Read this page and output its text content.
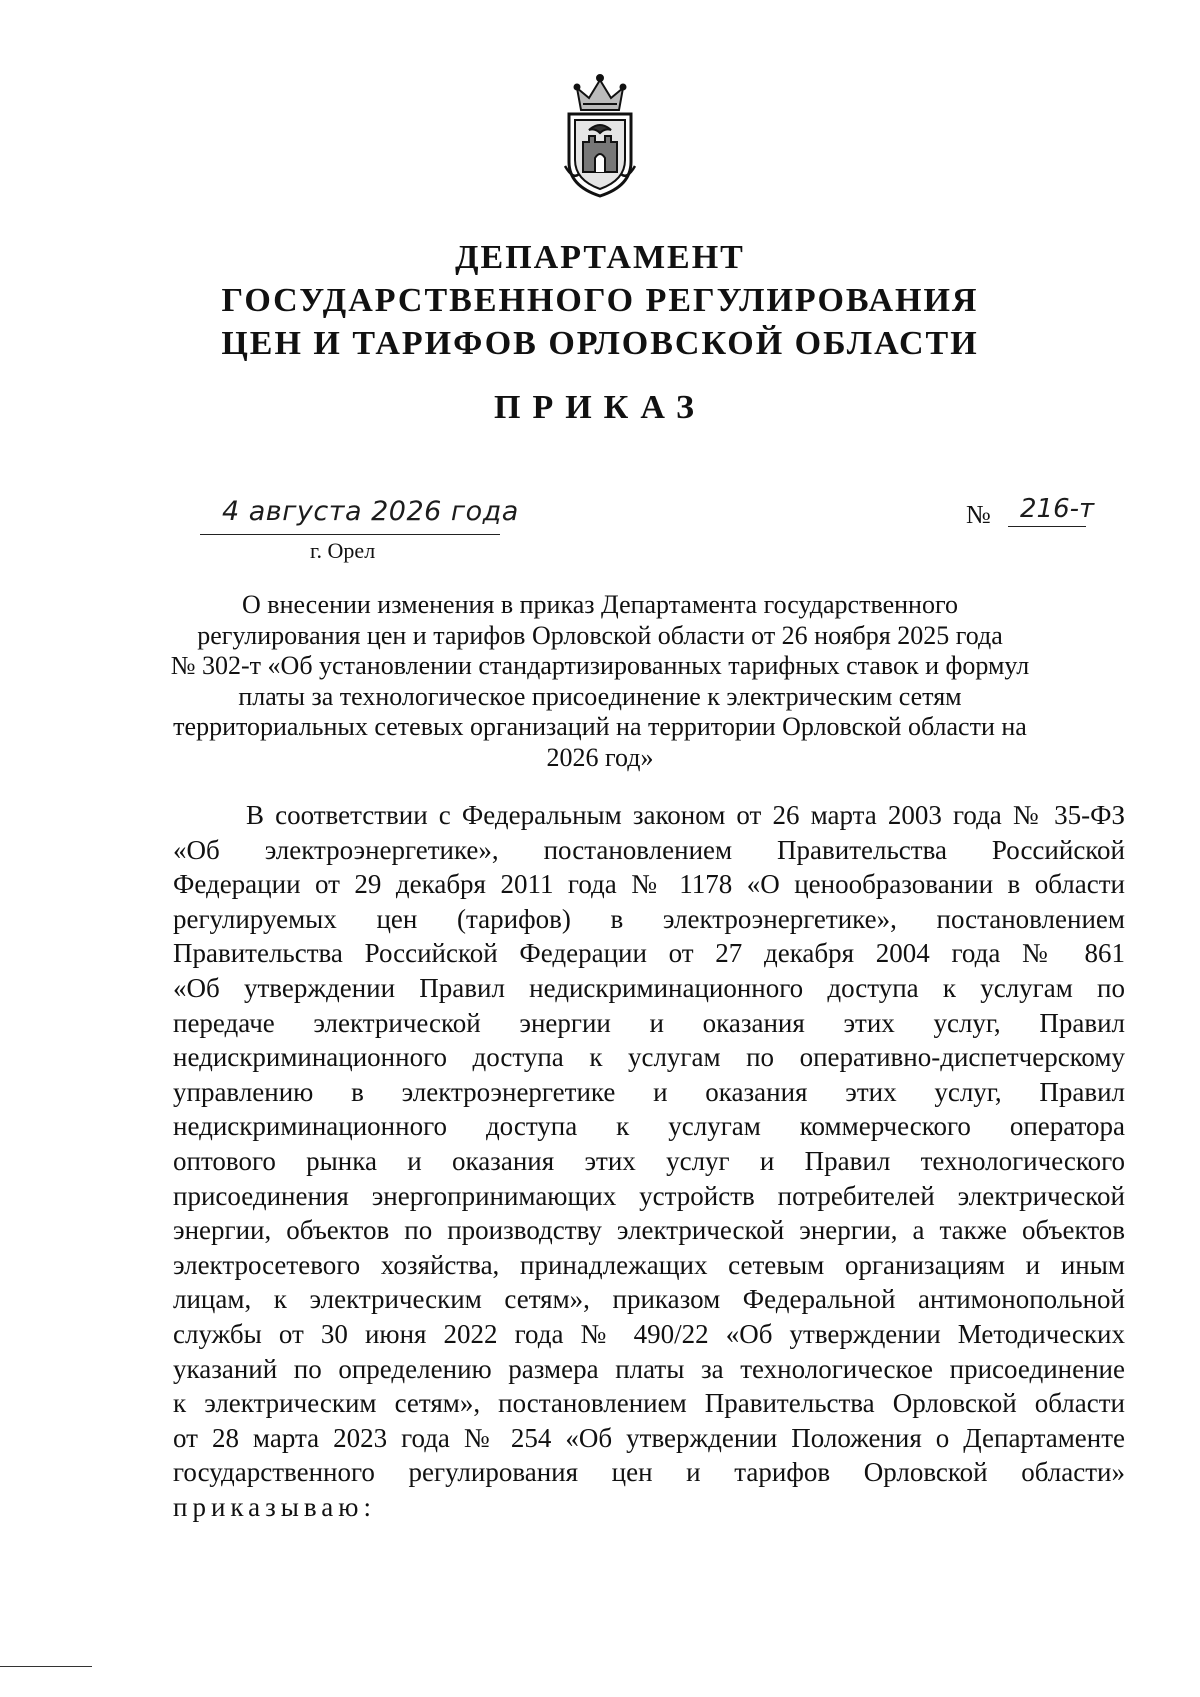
ДЕПАРТАМЕНТ
ГОСУДАРСТВЕННОГО РЕГУЛИРОВАНИЯ
ЦЕН И ТАРИФОВ ОРЛОВСКОЙ ОБЛАСТИ
ПРИКАЗ
4 августа 2026 года
г. Орел
№ 216-т
О внесении изменения в приказ Департамента государственного
регулирования цен и тарифов Орловской области от 26 ноября 2025 года
№ 302-т «Об установлении стандартизированных тарифных ставок и формул
платы за технологическое присоединение к электрическим сетям
территориальных сетевых организаций на территории Орловской области на
2026 год»
В соответствии с Федеральным законом от 26 марта 2003 года № 35-ФЗ
«Об электроэнергетике», постановлением Правительства Российской
Федерации от 29 декабря 2011 года № 1178 «О ценообразовании в области
регулируемых цен (тарифов) в электроэнергетике», постановлением
Правительства Российской Федерации от 27 декабря 2004 года № 861
«Об утверждении Правил недискриминационного доступа к услугам по
передаче электрической энергии и оказания этих услуг, Правил
недискриминационного доступа к услугам по оперативно-диспетчерскому
управлению в электроэнергетике и оказания этих услуг, Правил
недискриминационного доступа к услугам коммерческого оператора
оптового рынка и оказания этих услуг и Правил технологического
присоединения энергопринимающих устройств потребителей электрической
энергии, объектов по производству электрической энергии, а также объектов
электросетевого хозяйства, принадлежащих сетевым организациям и иным
лицам, к электрическим сетям», приказом Федеральной антимонопольной
службы от 30 июня 2022 года № 490/22 «Об утверждении Методических
указаний по определению размера платы за технологическое присоединение
к электрическим сетям», постановлением Правительства Орловской области
от 28 марта 2023 года № 254 «Об утверждении Положения о Департаменте
государственного регулирования цен и тарифов Орловской области»
приказываю:
